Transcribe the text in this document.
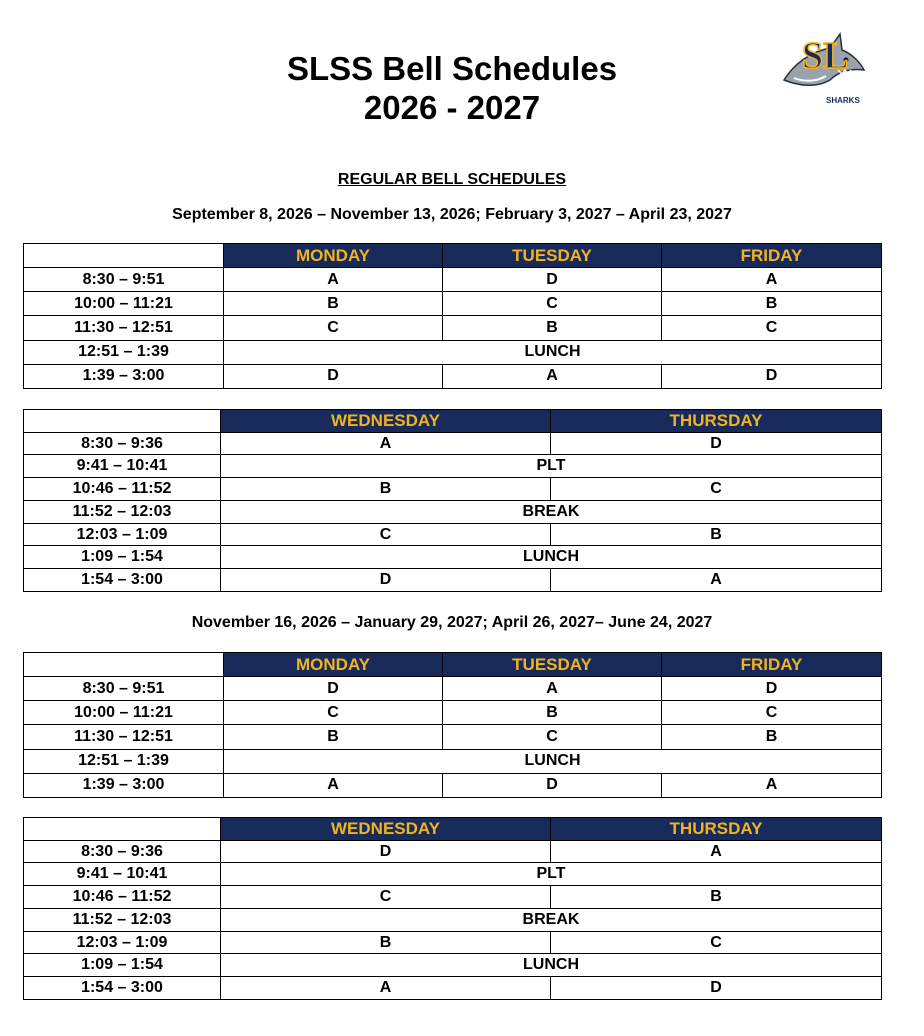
SLSS Bell Schedules
2026 - 2027
SL
SHARKS
REGULAR BELL SCHEDULES
September 8, 2026 – November 13, 2026; February 3, 2027 – April 23, 2027
	MONDAY	TUESDAY	FRIDAY
8:30 – 9:51	A	D	A
10:00 – 11:21	B	C	B
11:30 – 12:51	C	B	C
12:51 – 1:39	LUNCH		
1:39 – 3:00	D	A	D
	WEDNESDAY	THURSDAY
8:30 – 9:36	A	D
9:41 – 10:41	PLT	
10:46 – 11:52	B	C
11:52 – 12:03	BREAK	
12:03 – 1:09	C	B
1:09 – 1:54	LUNCH	
1:54 – 3:00	D	A
November 16, 2026 – January 29, 2027; April 26, 2027– June 24, 2027
	MONDAY	TUESDAY	FRIDAY
8:30 – 9:51	D	A	D
10:00 – 11:21	C	B	C
11:30 – 12:51	B	C	B
12:51 – 1:39	LUNCH		
1:39 – 3:00	A	D	A
	WEDNESDAY	THURSDAY
8:30 – 9:36	D	A
9:41 – 10:41	PLT	
10:46 – 11:52	C	B
11:52 – 12:03	BREAK	
12:03 – 1:09	B	C
1:09 – 1:54	LUNCH	
1:54 – 3:00	A	D
